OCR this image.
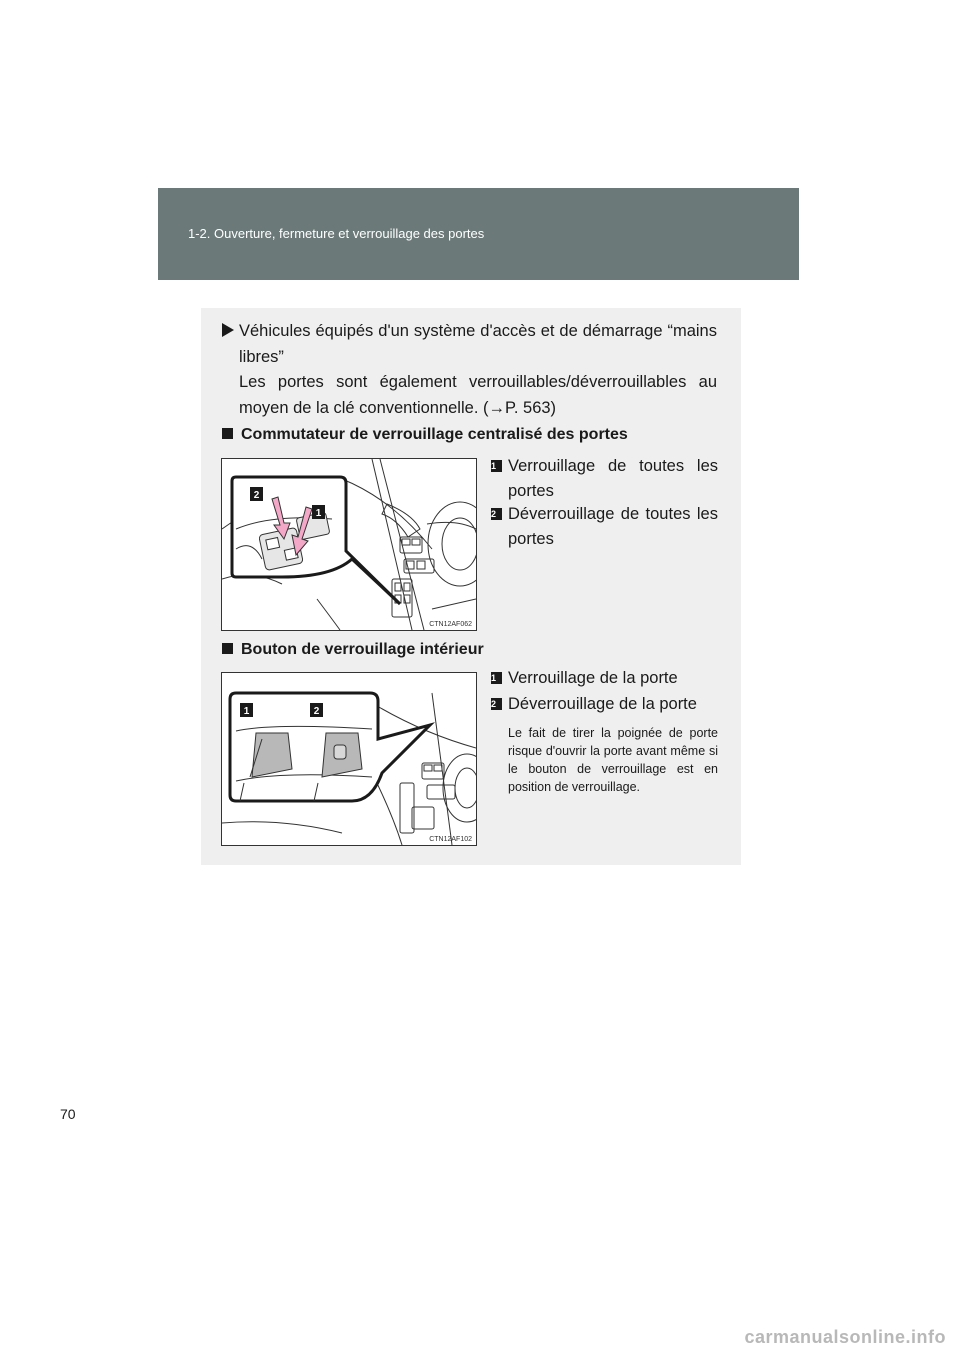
1-2. Ouverture, fermeture et verrouillage des portes
Véhicules équipés d'un système d'accès et de démarrage “mains libres”
Les portes sont également verrouillables/déverrouillables au moyen de la clé conventionnelle. (→P. 563)
Commutateur de verrouillage centralisé des portes
2
1
CTN12AF062
1 Verrouillage de toutes les portes
2 Déverrouillage de toutes les portes
Bouton de verrouillage intérieur
1	2
CTN12AF102
1 Verrouillage de la porte
2 Déverrouillage de la porte
Le fait de tirer la poignée de porte risque d'ouvrir la porte avant même si le bouton de verrouillage est en position de verrouillage.
70
carmanualsonline.info
